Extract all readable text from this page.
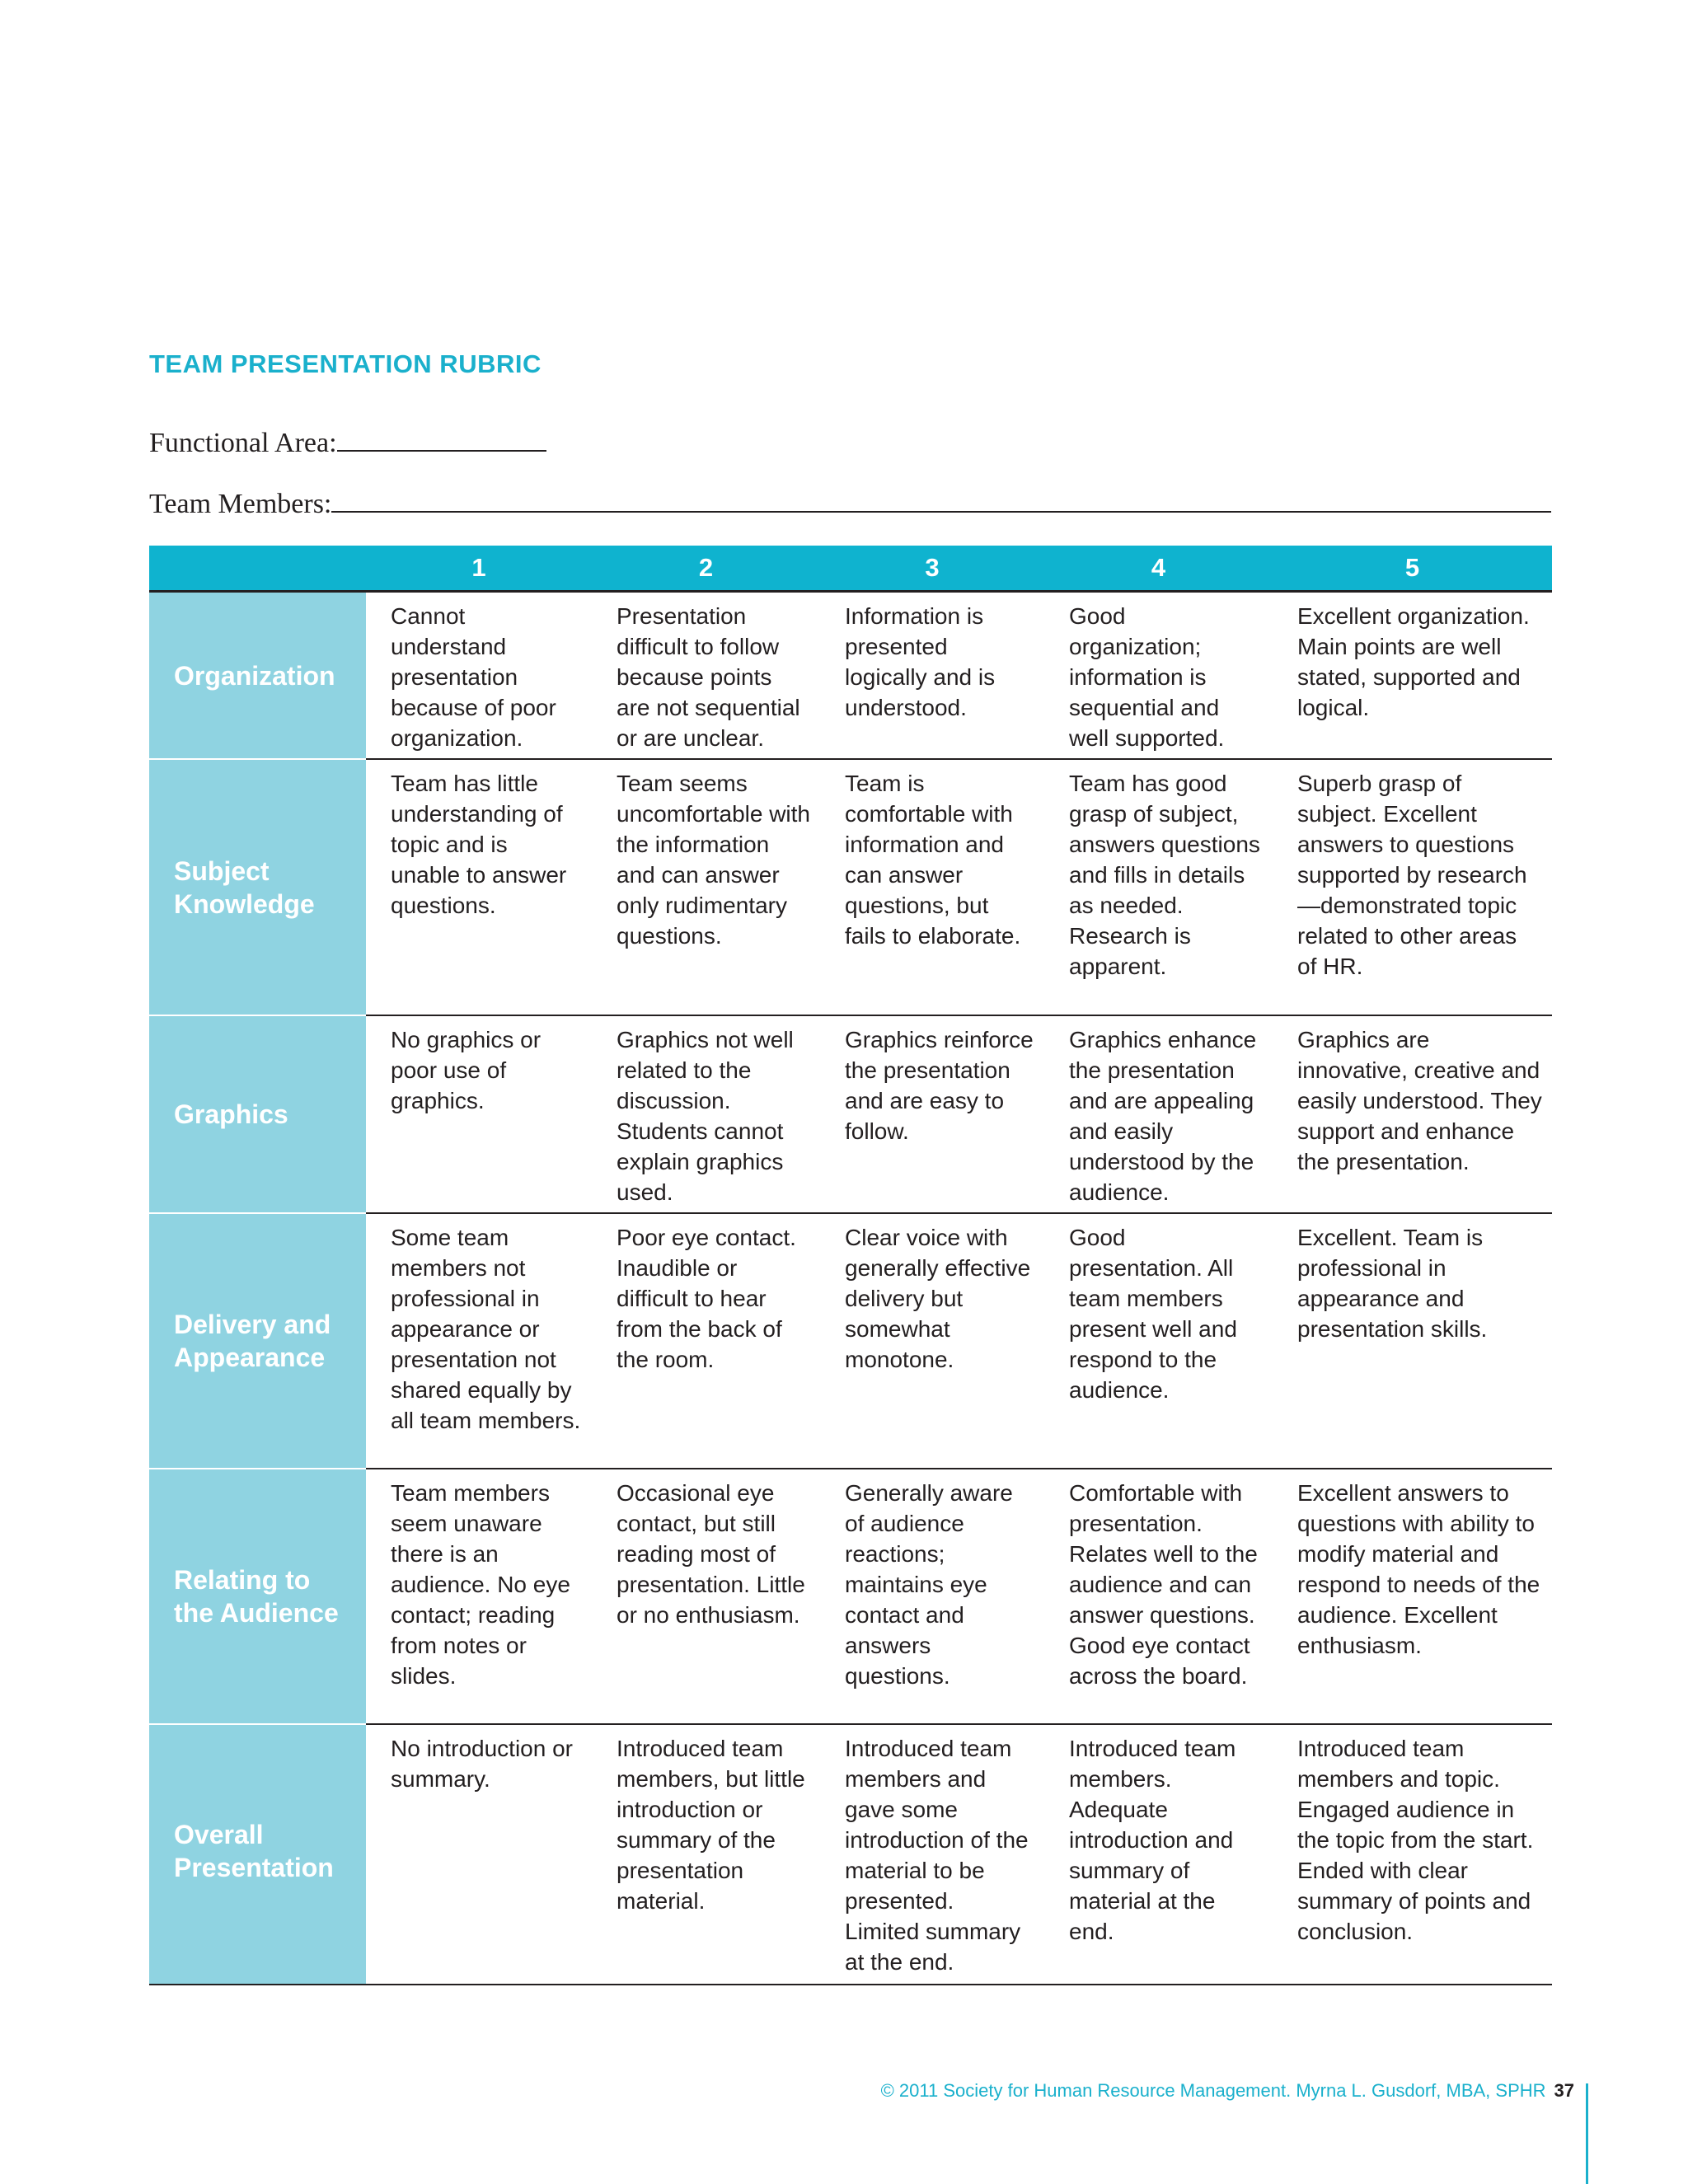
TEAM PRESENTATION RUBRIC
Functional Area:
Team Members:
	1	2	3	4	5
Organization	Cannot understand presentation because of poor organization.	Presentation difficult to follow because points are not sequential or are unclear.	Information is presented logically and is understood.	Good organization; information is sequential and well supported.	Excellent organization. Main points are well stated, supported and logical.
Subject Knowledge	Team has little understanding of topic and is unable to answer questions.	Team seems uncomfortable with the information and can answer only rudimentary questions.	Team is comfortable with information and can answer questions, but fails to elaborate.	Team has good grasp of subject, answers questions and fills in details as needed. Research is apparent.	Superb grasp of subject. Excellent answers to questions supported by research—demonstrated topic related to other areas of HR.
Graphics	No graphics or poor use of graphics.	Graphics not well related to the discussion. Students cannot explain graphics used.	Graphics reinforce the presentation and are easy to follow.	Graphics enhance the presentation and are appealing and easily understood by the audience.	Graphics are innovative, creative and easily understood. They support and enhance the presentation.
Delivery and Appearance	Some team members not professional in appearance or presentation not shared equally by all team members.	Poor eye contact. Inaudible or difficult to hear from the back of the room.	Clear voice with generally effective delivery but somewhat monotone.	Good presentation. All team members present well and respond to the audience.	Excellent. Team is professional in appearance and presentation skills.
Relating to the Audience	Team members seem unaware there is an audience. No eye contact; reading from notes or slides.	Occasional eye contact, but still reading most of presentation. Little or no enthusiasm.	Generally aware of audience reactions; maintains eye contact and answers questions.	Comfortable with presentation. Relates well to the audience and can answer questions. Good eye contact across the board.	Excellent answers to questions with ability to modify material and respond to needs of the audience. Excellent enthusiasm.
Overall Presentation	No introduction or summary.	Introduced team members, but little introduction or summary of the presentation material.	Introduced team members and gave some introduction of the material to be presented. Limited summary at the end.	Introduced team members. Adequate introduction and summary of material at the end.	Introduced team members and topic. Engaged audience in the topic from the start. Ended with clear summary of points and conclusion.
© 2011 Society for Human Resource Management. Myrna L. Gusdorf, MBA, SPHR 37
